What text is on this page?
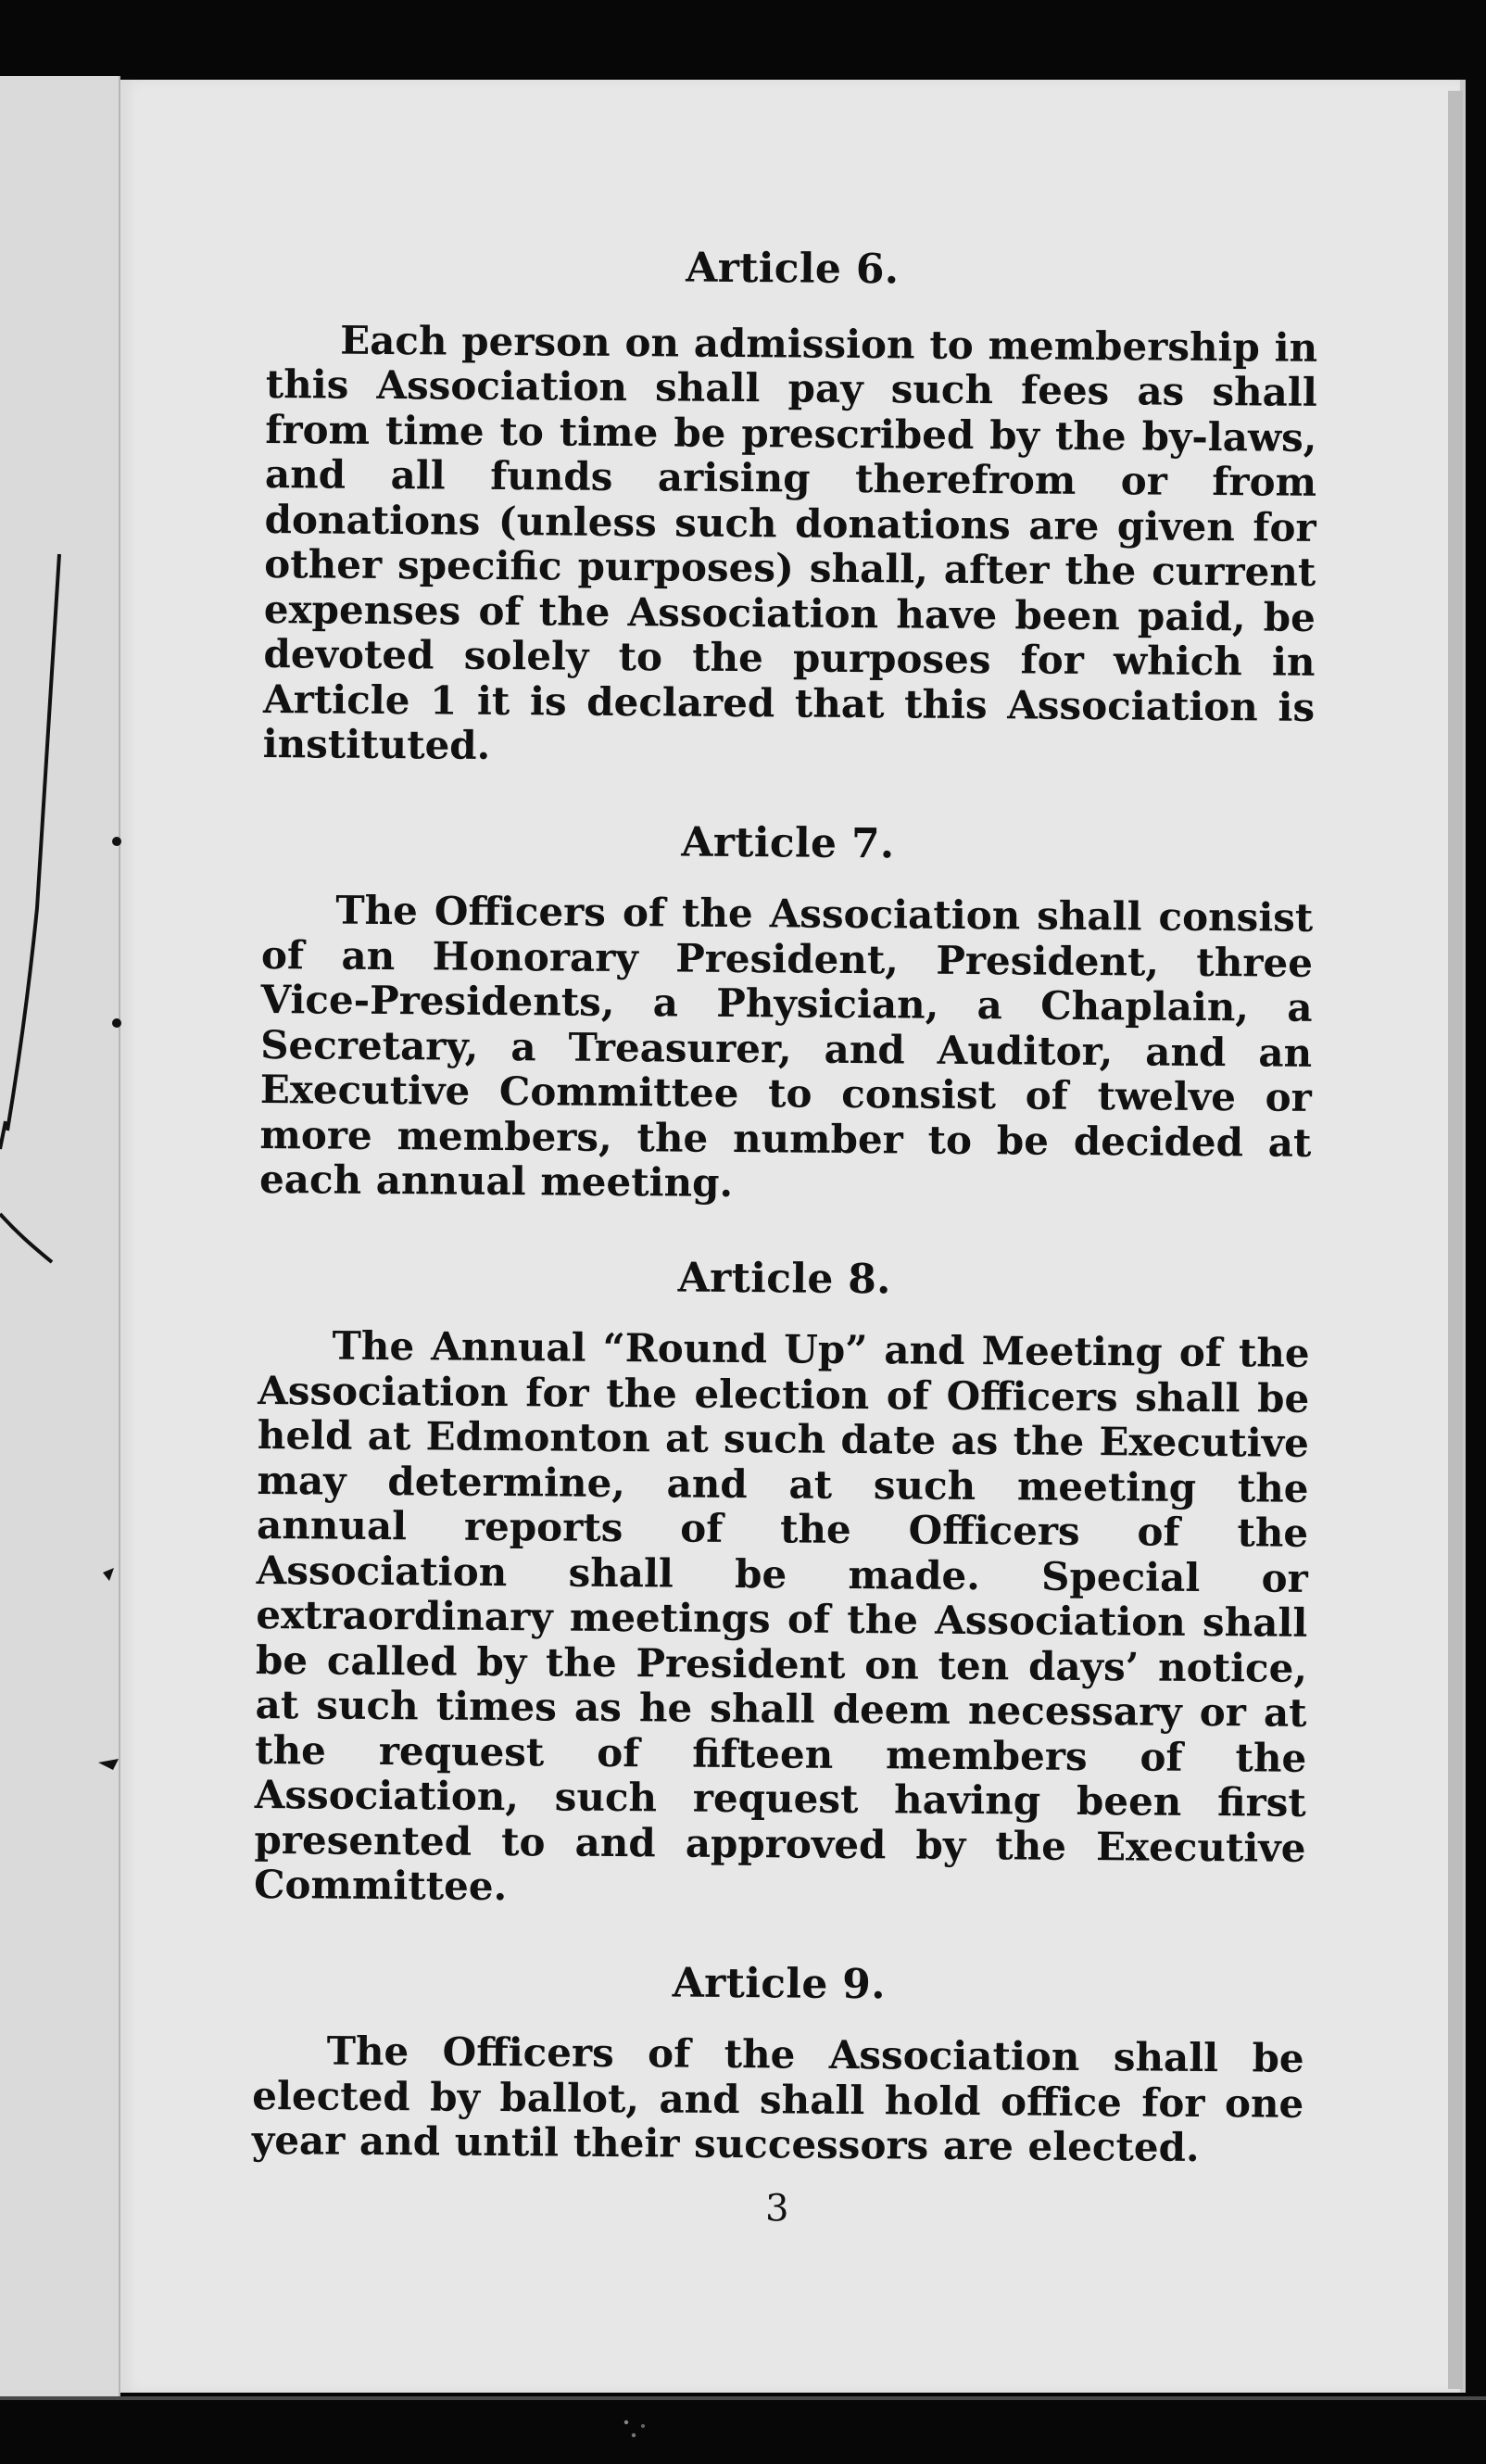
Article 6.

Each person on admission to membership in this Association shall pay such fees as shall from time to time be prescribed by the by-laws, and all funds arising therefrom or from donations (unless such donations are given for other specific purposes) shall, after the current expenses of the Association have been paid, be devoted solely to the purposes for which in Article 1 it is declared that this Association is instituted.

Article 7.

The Officers of the Association shall consist of an Honorary President, President, three Vice-Presidents, a Physician, a Chaplain, a Secretary, a Treasurer, and Auditor, and an Executive Committee to consist of twelve or more members, the number to be decided at each annual meeting.

Article 8.

The Annual “Round Up” and Meeting of the Association for the election of Officers shall be held at Edmonton at such date as the Executive may determine, and at such meeting the annual reports of the Officers of the Association shall be made. Special or extraordinary meetings of the Association shall be called by the President on ten days’ notice, at such times as he shall deem necessary or at the request of fifteen members of the Association, such request having been first presented to and approved by the Executive Committee.

Article 9.

The Officers of the Association shall be elected by ballot, and shall hold office for one year and until their successors are elected.

3
